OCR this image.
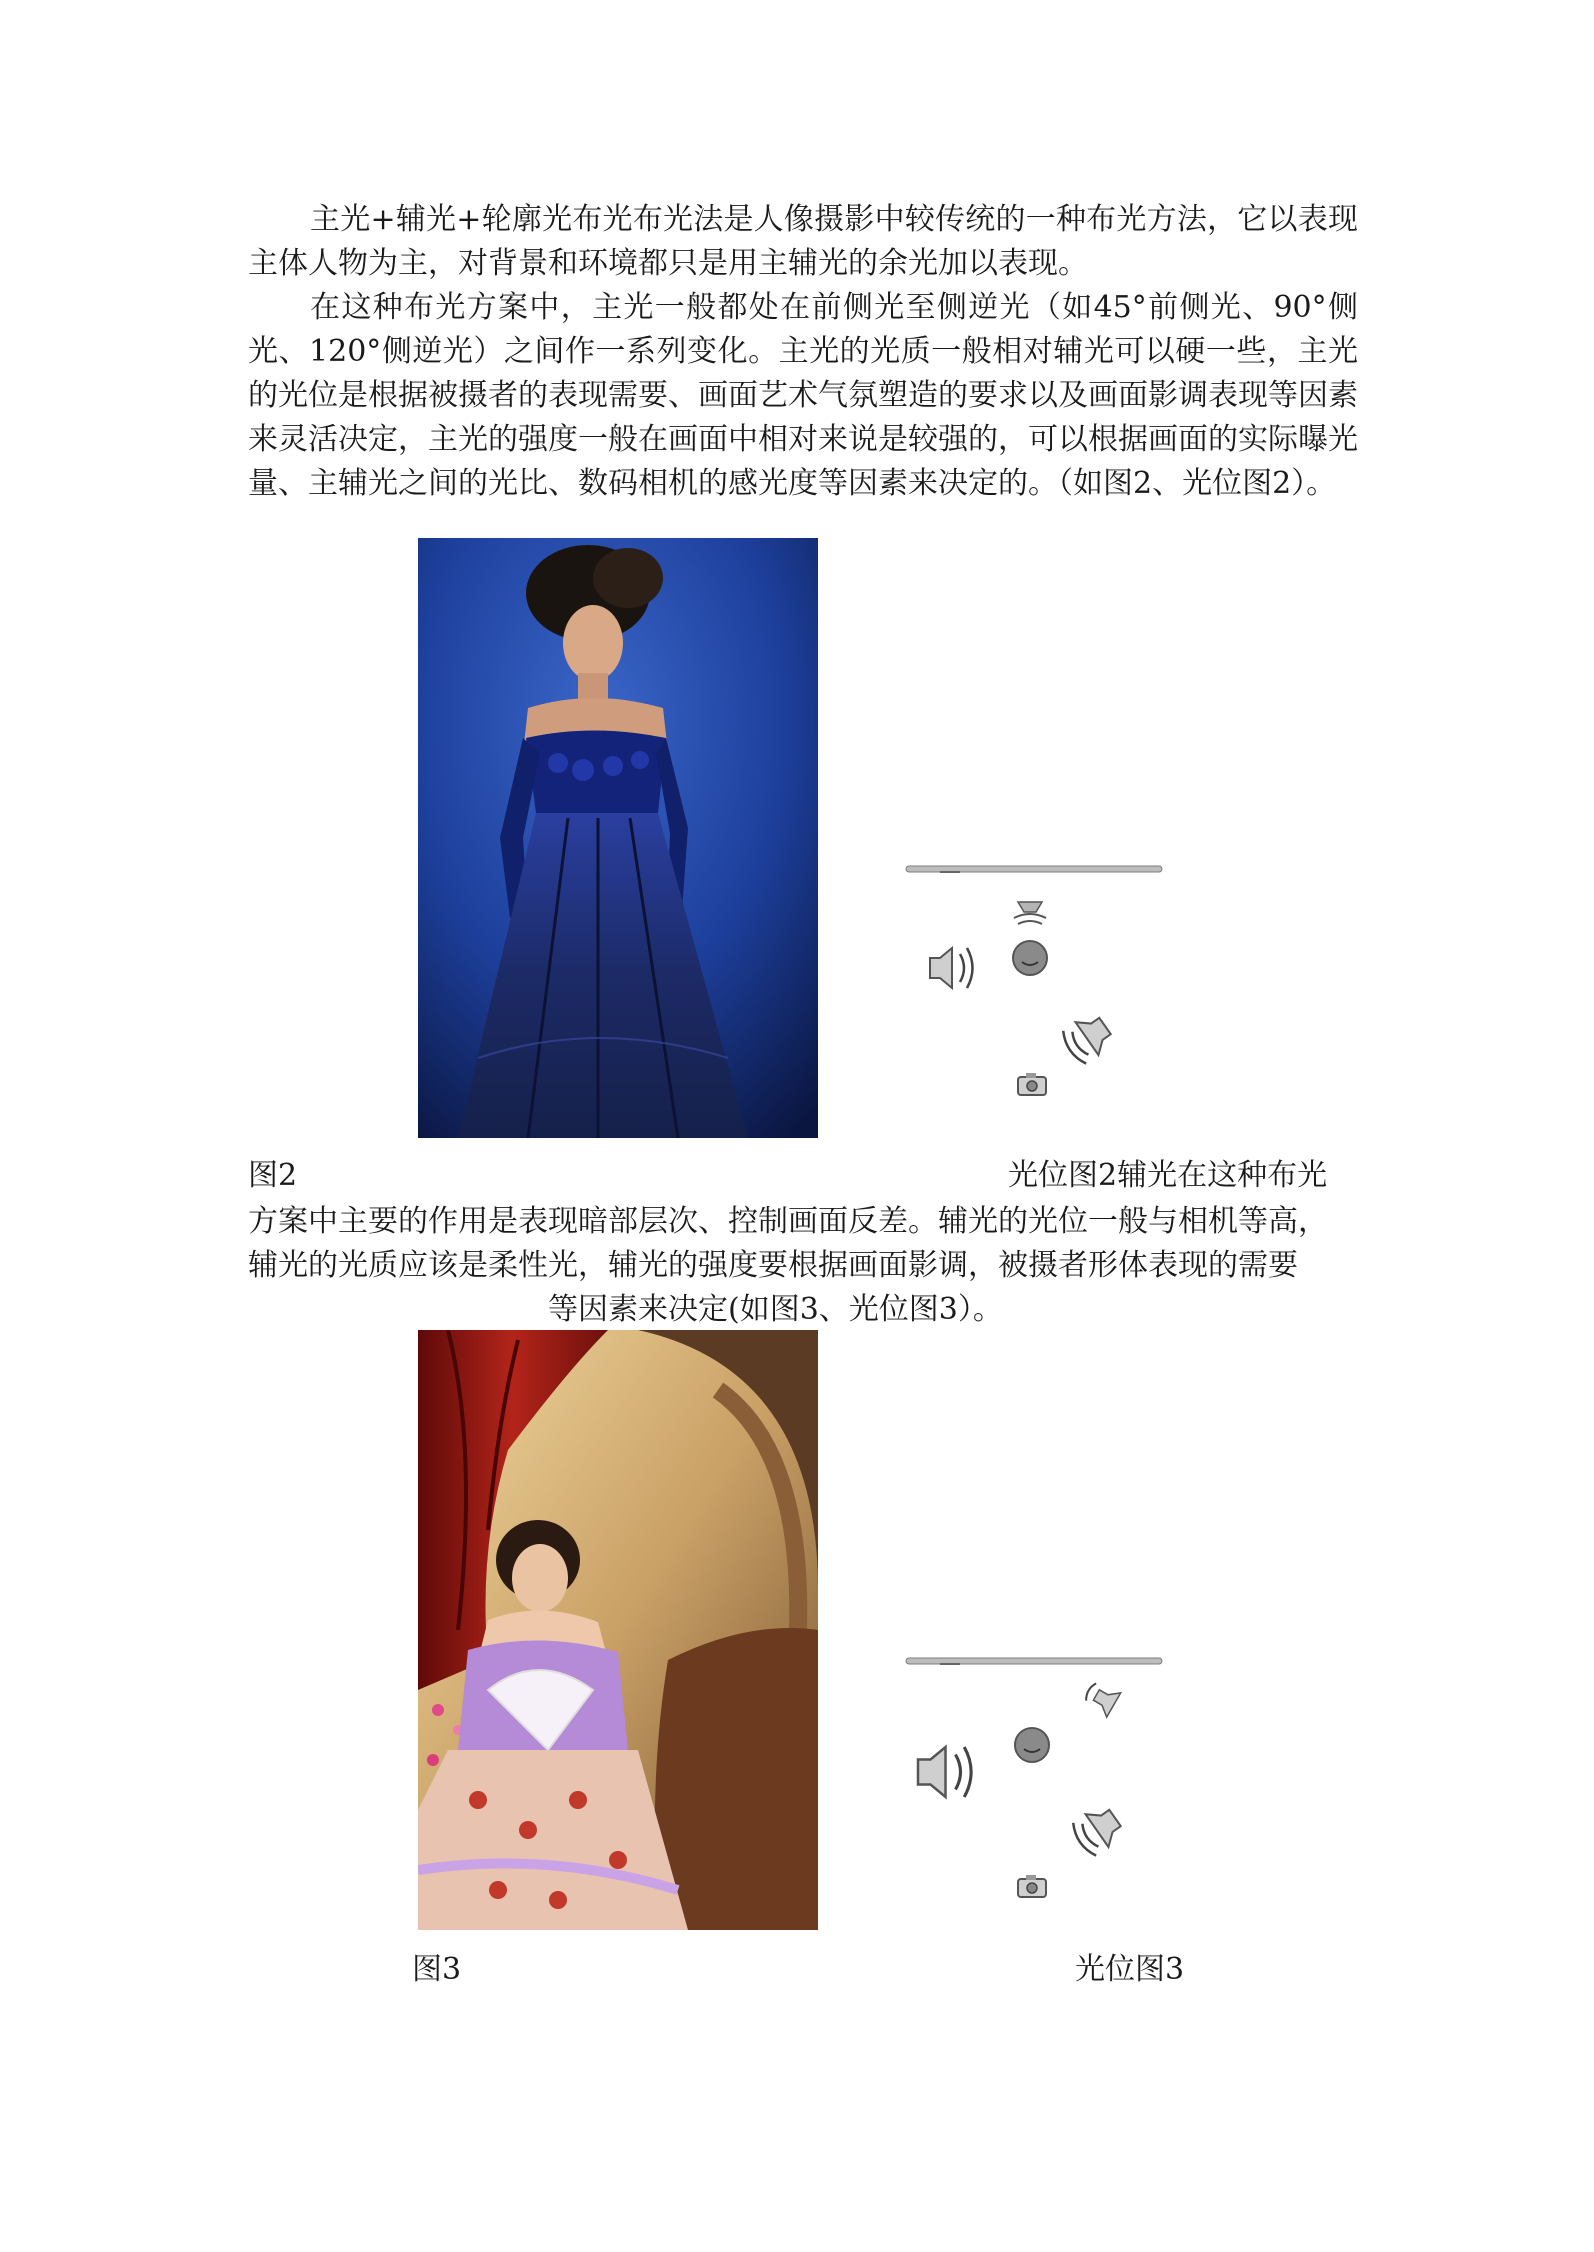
主光+辅光+轮廓光布光布光法是人像摄影中较传统的一种布光方法，它以表现主体人物为主，对背景和环境都只是用主辅光的余光加以表现。

在这种布光方案中，主光一般都处在前侧光至侧逆光（如45°前侧光、90°侧光、120°侧逆光）之间作一系列变化。主光的光质一般相对辅光可以硬一些，主光的光位是根据被摄者的表现需要、画面艺术气氛塑造的要求以及画面影调表现等因素来灵活决定，主光的强度一般在画面中相对来说是较强的，可以根据画面的实际曝光量、主辅光之间的光比、数码相机的感光度等因素来决定的。（如图2、光位图2）。

图2	光位图2辅光在这种布光

方案中主要的作用是表现暗部层次、控制画面反差。辅光的光位一般与相机等高，

辅光的光质应该是柔性光，辅光的强度要根据画面影调，被摄者形体表现的需要

等因素来决定(如图3、光位图3）。

图3	光位图3
